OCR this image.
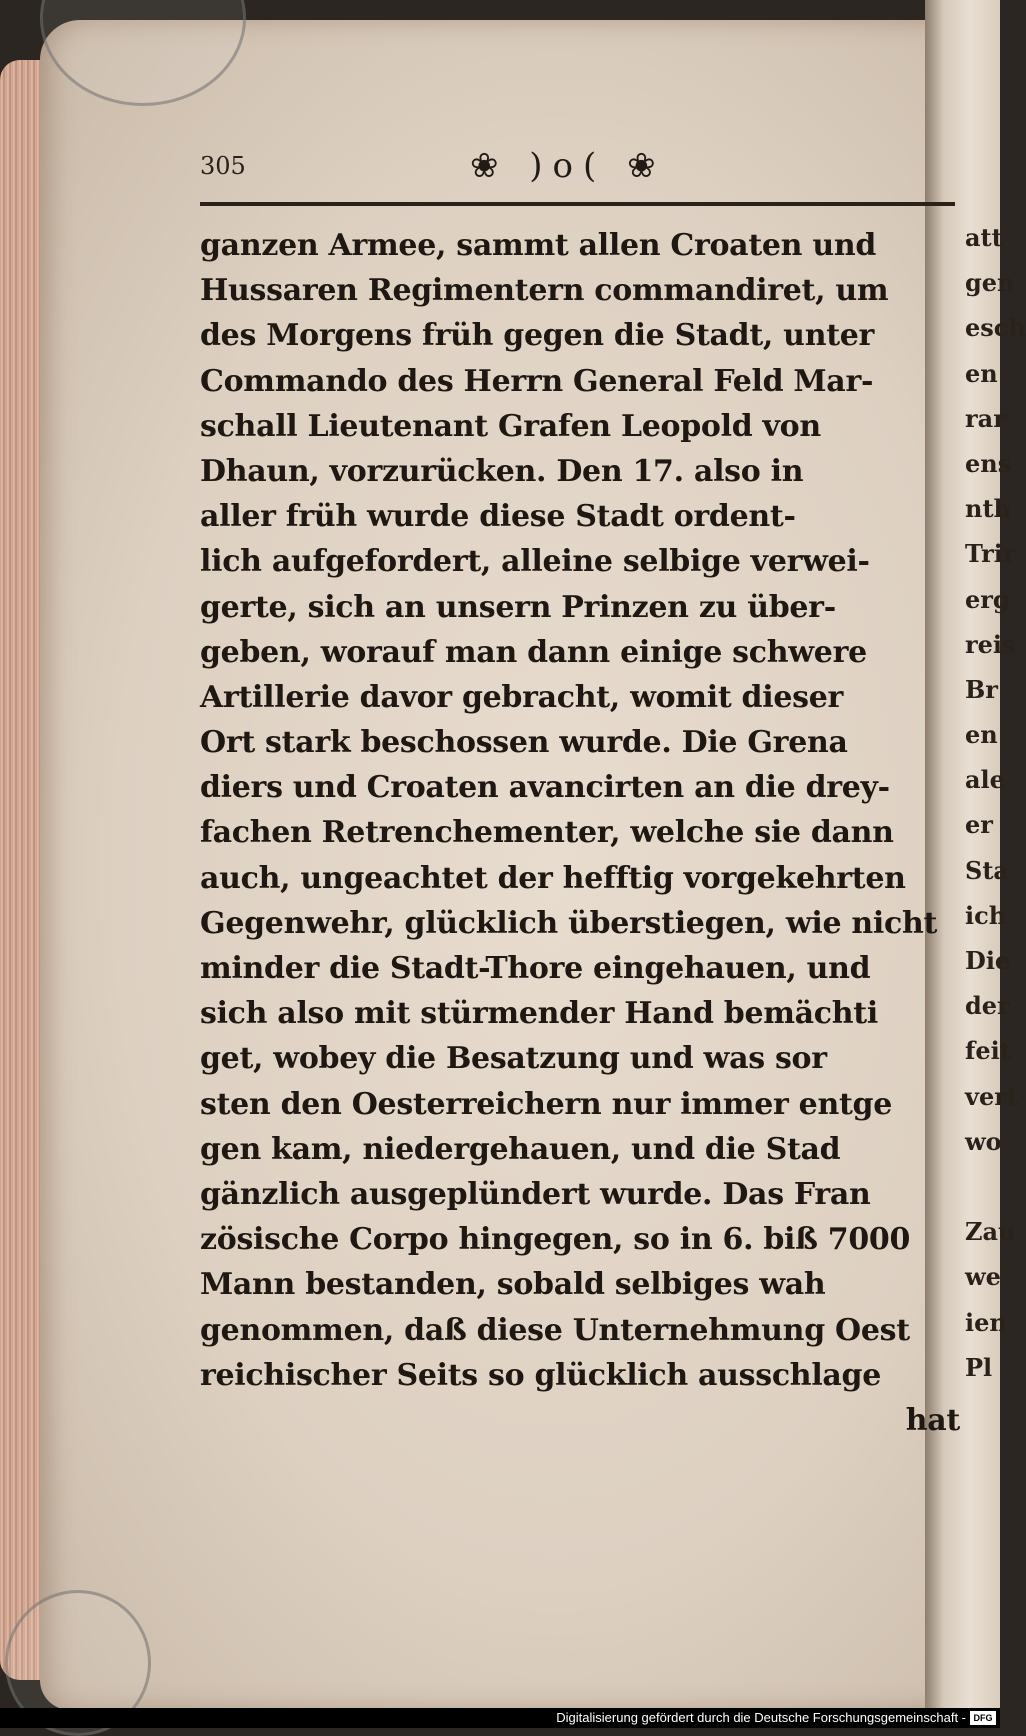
305	❀ )o( ❀
ganzen Armee, sammt allen Croaten und
Hussaren Regimentern commandiret, um
des Morgens früh gegen die Stadt, unter
Commando des Herrn General Feld Mar-
schall Lieutenant Grafen Leopold von
Dhaun, vorzurücken. Den 17. also in
aller früh wurde diese Stadt ordent-
lich aufgefordert, alleine selbige verwei-
gerte, sich an unsern Prinzen zu über-
geben, worauf man dann einige schwere
Artillerie davor gebracht, womit dieser
Ort stark beschossen wurde. Die Grena
diers und Croaten avancirten an die drey-
fachen Retrenchementer, welche sie dann
auch, ungeachtet der hefftig vorgekehrten
Gegenwehr, glücklich überstiegen, wie nicht
minder die Stadt-Thore eingehauen, und
sich also mit stürmender Hand bemächti
get, wobey die Besatzung und was sor
sten den Oesterreichern nur immer entge
gen kam, niedergehauen, und die Stad
gänzlich ausgeplündert wurde. Das Fran
zösische Corpo hingegen, so in 6. biß 7000
Mann bestanden, sobald selbiges wah
genommen, daß diese Unternehmung Oest
reichischer Seits so glücklich ausschlage
hat
att
gen
esch
en
rar
ens
nth
Trir
erg
reis
Br
en
ale
er
Sta
ich
Die
der
feit
vert
wo
Zau
we
ien
Pl
Digitalisierung gefördert durch die Deutsche Forschungsgemeinschaft - DFG
